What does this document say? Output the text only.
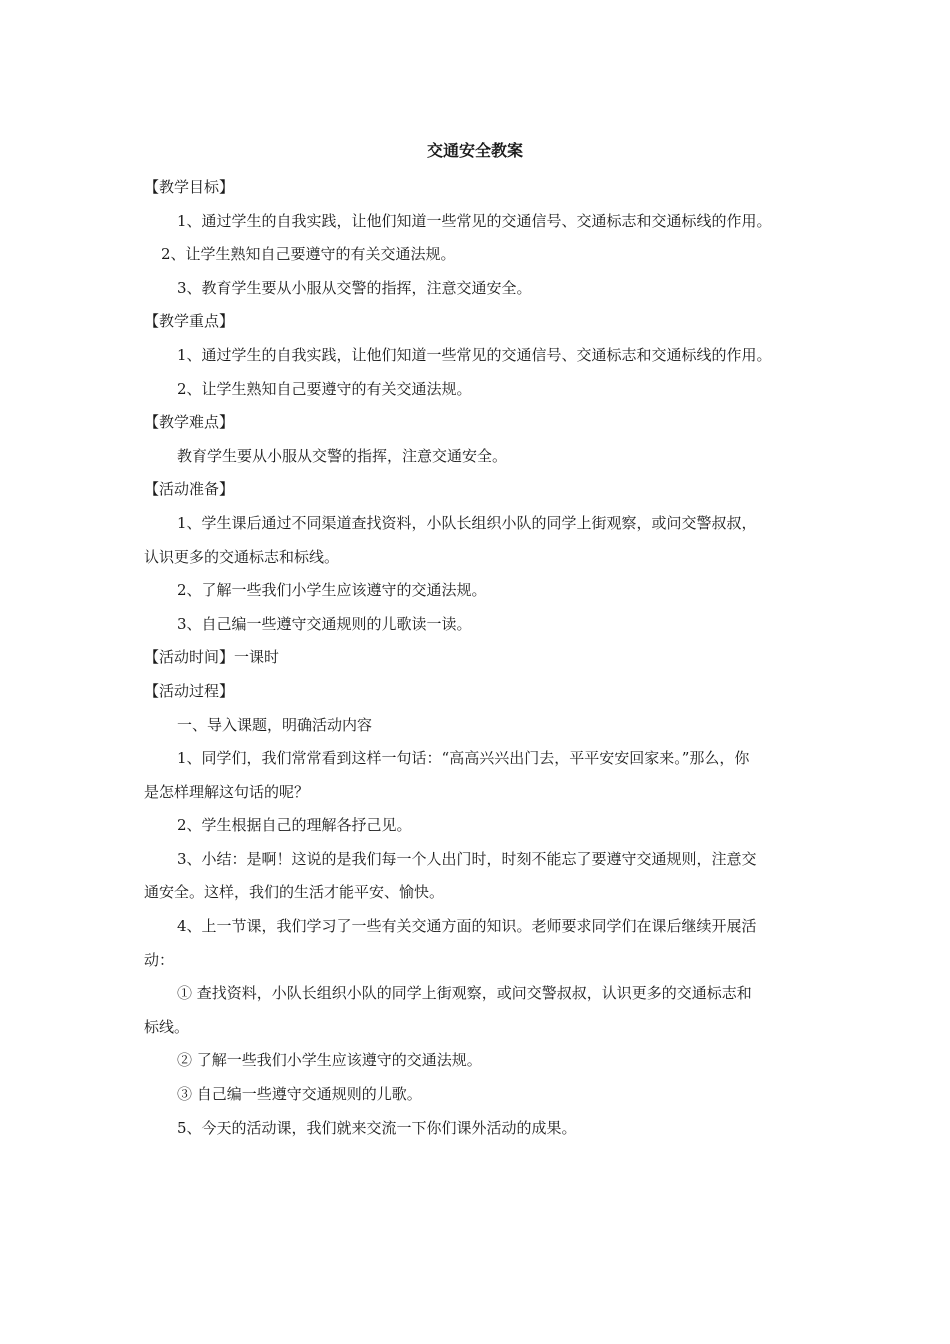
交通安全教案

【教学目标】

1、通过学生的自我实践，让他们知道一些常见的交通信号、交通标志和交通标线的作用。

2、让学生熟知自己要遵守的有关交通法规。

3、教育学生要从小服从交警的指挥，注意交通安全。

【教学重点】

1、通过学生的自我实践，让他们知道一些常见的交通信号、交通标志和交通标线的作用。

2、让学生熟知自己要遵守的有关交通法规。

【教学难点】

教育学生要从小服从交警的指挥，注意交通安全。

【活动准备】

1、学生课后通过不同渠道查找资料，小队长组织小队的同学上街观察，或问交警叔叔，

认识更多的交通标志和标线。

2、了解一些我们小学生应该遵守的交通法规。

3、自己编一些遵守交通规则的儿歌读一读。

【活动时间】一课时

【活动过程】

一、导入课题，明确活动内容

1、同学们，我们常常看到这样一句话：“高高兴兴出门去，平平安安回家来。”那么，你

是怎样理解这句话的呢？

2、学生根据自己的理解各抒己见。

3、小结：是啊！这说的是我们每一个人出门时，时刻不能忘了要遵守交通规则，注意交

通安全。这样，我们的生活才能平安、愉快。

4、上一节课，我们学习了一些有关交通方面的知识。老师要求同学们在课后继续开展活

动：

① 查找资料，小队长组织小队的同学上街观察，或问交警叔叔，认识更多的交通标志和

标线。

② 了解一些我们小学生应该遵守的交通法规。

③ 自己编一些遵守交通规则的儿歌。

5、今天的活动课，我们就来交流一下你们课外活动的成果。
